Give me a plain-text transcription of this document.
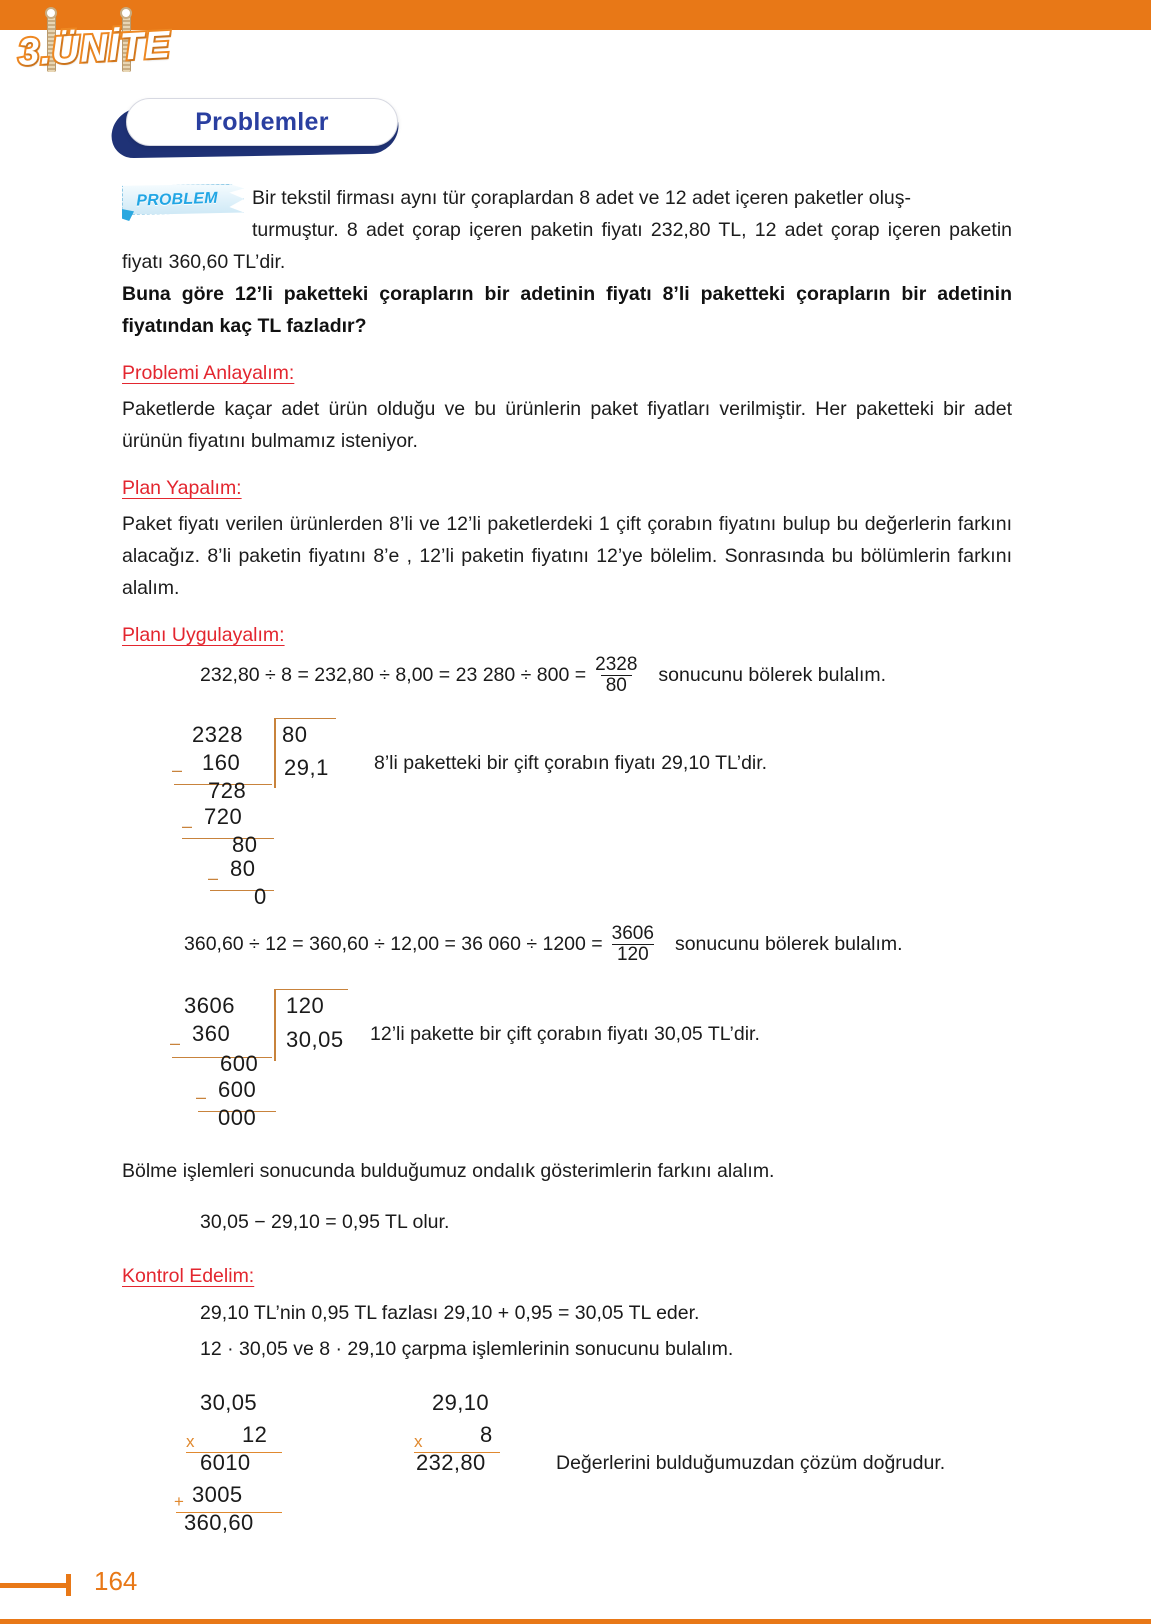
3.ÜNİTE
Problemler
PROBLEM	Bir tekstil firması aynı tür çoraplardan 8 adet ve 12 adet içeren paketler oluş-

turmuştur. 8 adet çorap içeren paketin fiyatı 232,80 TL, 12 adet çorap içeren paketin fiyatı 360,60 TL’dir.

Buna göre 12’li paketteki çorapların bir adetinin fiyatı 8’li paketteki çorapların bir adetinin fiyatından kaç TL fazladır?

Problemi Anlayalım:

Paketlerde kaçar adet ürün olduğu ve bu ürünlerin paket fiyatları verilmiştir. Her paketteki bir adet ürünün fiyatını bulmamız isteniyor.

Plan Yapalım:

Paket fiyatı verilen ürünlerden 8’li ve 12’li paketlerdeki 1 çift çorabın fiyatını bulup bu değerlerin farkını alacağız. 8’li paketin fiyatını 8’e , 12’li paketin fiyatını 12’ye bölelim. Sonrasında bu bölümlerin farkını alalım.

Planı Uygulayalım:
232,80 ÷ 8 = 232,80 ÷ 8,00 = 23 $280 \div 800 = \frac{2328}{80}$ sonucunu bölerek bulalım.
2328 80
29,1
– 160
728
– 720
80
– 80
0
8’li paketteki bir çift çorabın fiyatı 29,10 TL’dir.
360,60 ÷ 12 = 360,60 ÷ 12,00 = 36 $060 \div 1200 = \frac{3606}{120}$ sonucunu bölerek bulalım.
3606 120
30,05
– 360
600
– 600
000
12’li pakette bir çift çorabın fiyatı 30,05 TL’dir.

Bölme işlemleri sonucunda bulduğumuz ondalık gösterimlerin farkını alalım.

30,05 − 29,10 = 0,95 TL olur.
Kontrol Edelim:
29,10 TL’nin 0,95 TL fazlası 29,10 + 0,95 = 30,05 TL eder.
12 · 30,05 ve 8 · 29,10 çarpma işlemlerinin sonucunu bulalım.
30,05
12
x
6010
3005
+
360,60
29,10
8
x
232,80	Değerlerini bulduğumuzdan çözüm doğrudur.
164
